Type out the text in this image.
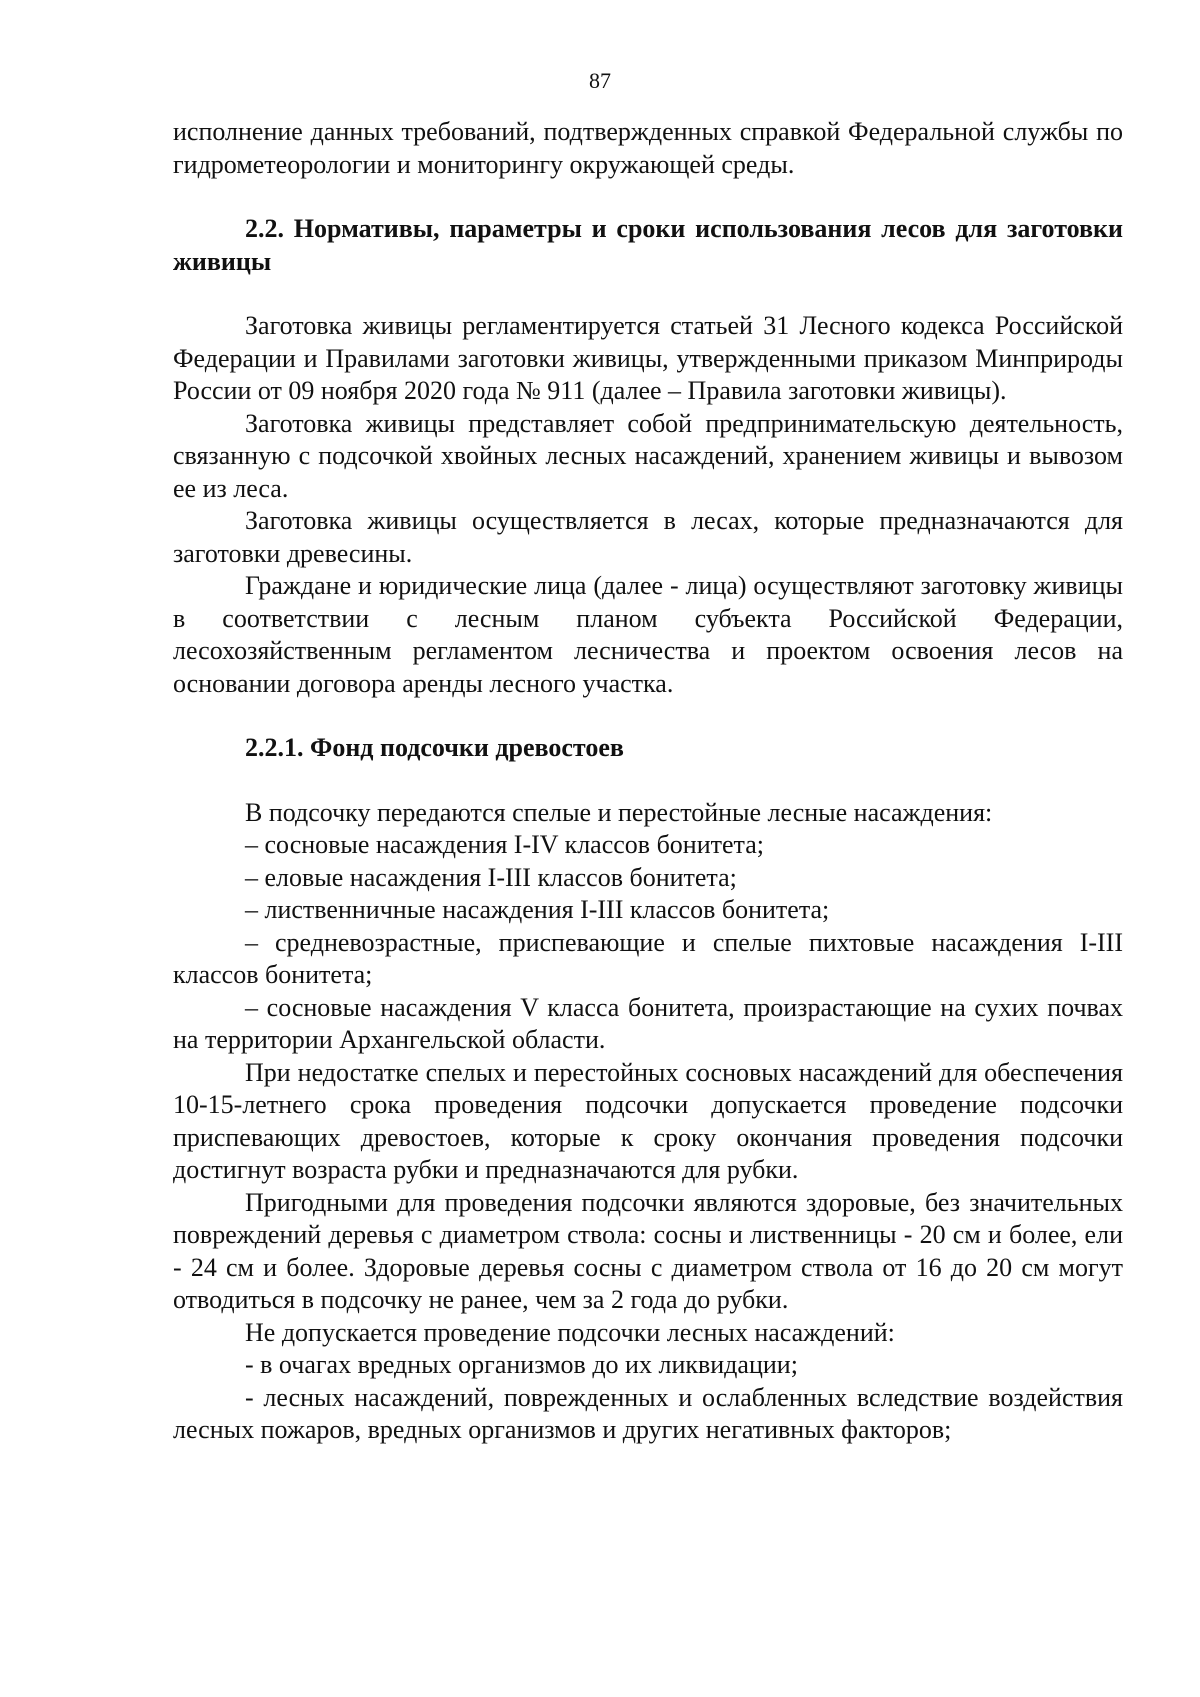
87

исполнение данных требований, подтвержденных справкой Федеральной службы по гидрометеорологии и мониторингу окружающей среды.

2.2. Нормативы, параметры и сроки использования лесов для заготовки живицы

Заготовка живицы регламентируется статьей 31 Лесного кодекса Российской Федерации и Правилами заготовки живицы, утвержденными приказом Минприроды России от 09 ноября 2020 года № 911 (далее – Правила заготовки живицы).

Заготовка живицы представляет собой предпринимательскую деятельность, связанную с подсочкой хвойных лесных насаждений, хранением живицы и вывозом ее из леса.

Заготовка живицы осуществляется в лесах, которые предназначаются для заготовки древесины.

Граждане и юридические лица (далее - лица) осуществляют заготовку живицы в соответствии с лесным планом субъекта Российской Федерации, лесохозяйственным регламентом лесничества и проектом освоения лесов на основании договора аренды лесного участка.

2.2.1. Фонд подсочки древостоев

В подсочку передаются спелые и перестойные лесные насаждения:

– сосновые насаждения I-IV классов бонитета;

– еловые насаждения I-III классов бонитета;

– лиственничные насаждения I-III классов бонитета;

– средневозрастные, приспевающие и спелые пихтовые насаждения I-III классов бонитета;

– сосновые насаждения V класса бонитета, произрастающие на сухих почвах на территории Архангельской области.

При недостатке спелых и перестойных сосновых насаждений для обеспечения 10-15-летнего срока проведения подсочки допускается проведение подсочки приспевающих древостоев, которые к сроку окончания проведения подсочки достигнут возраста рубки и предназначаются для рубки.

Пригодными для проведения подсочки являются здоровые, без значительных повреждений деревья с диаметром ствола: сосны и лиственницы - 20 см и более, ели - 24 см и более. Здоровые деревья сосны с диаметром ствола от 16 до 20 см могут отводиться в подсочку не ранее, чем за 2 года до рубки.

Не допускается проведение подсочки лесных насаждений:

- в очагах вредных организмов до их ликвидации;

- лесных насаждений, поврежденных и ослабленных вследствие воздействия лесных пожаров, вредных организмов и других негативных факторов;
